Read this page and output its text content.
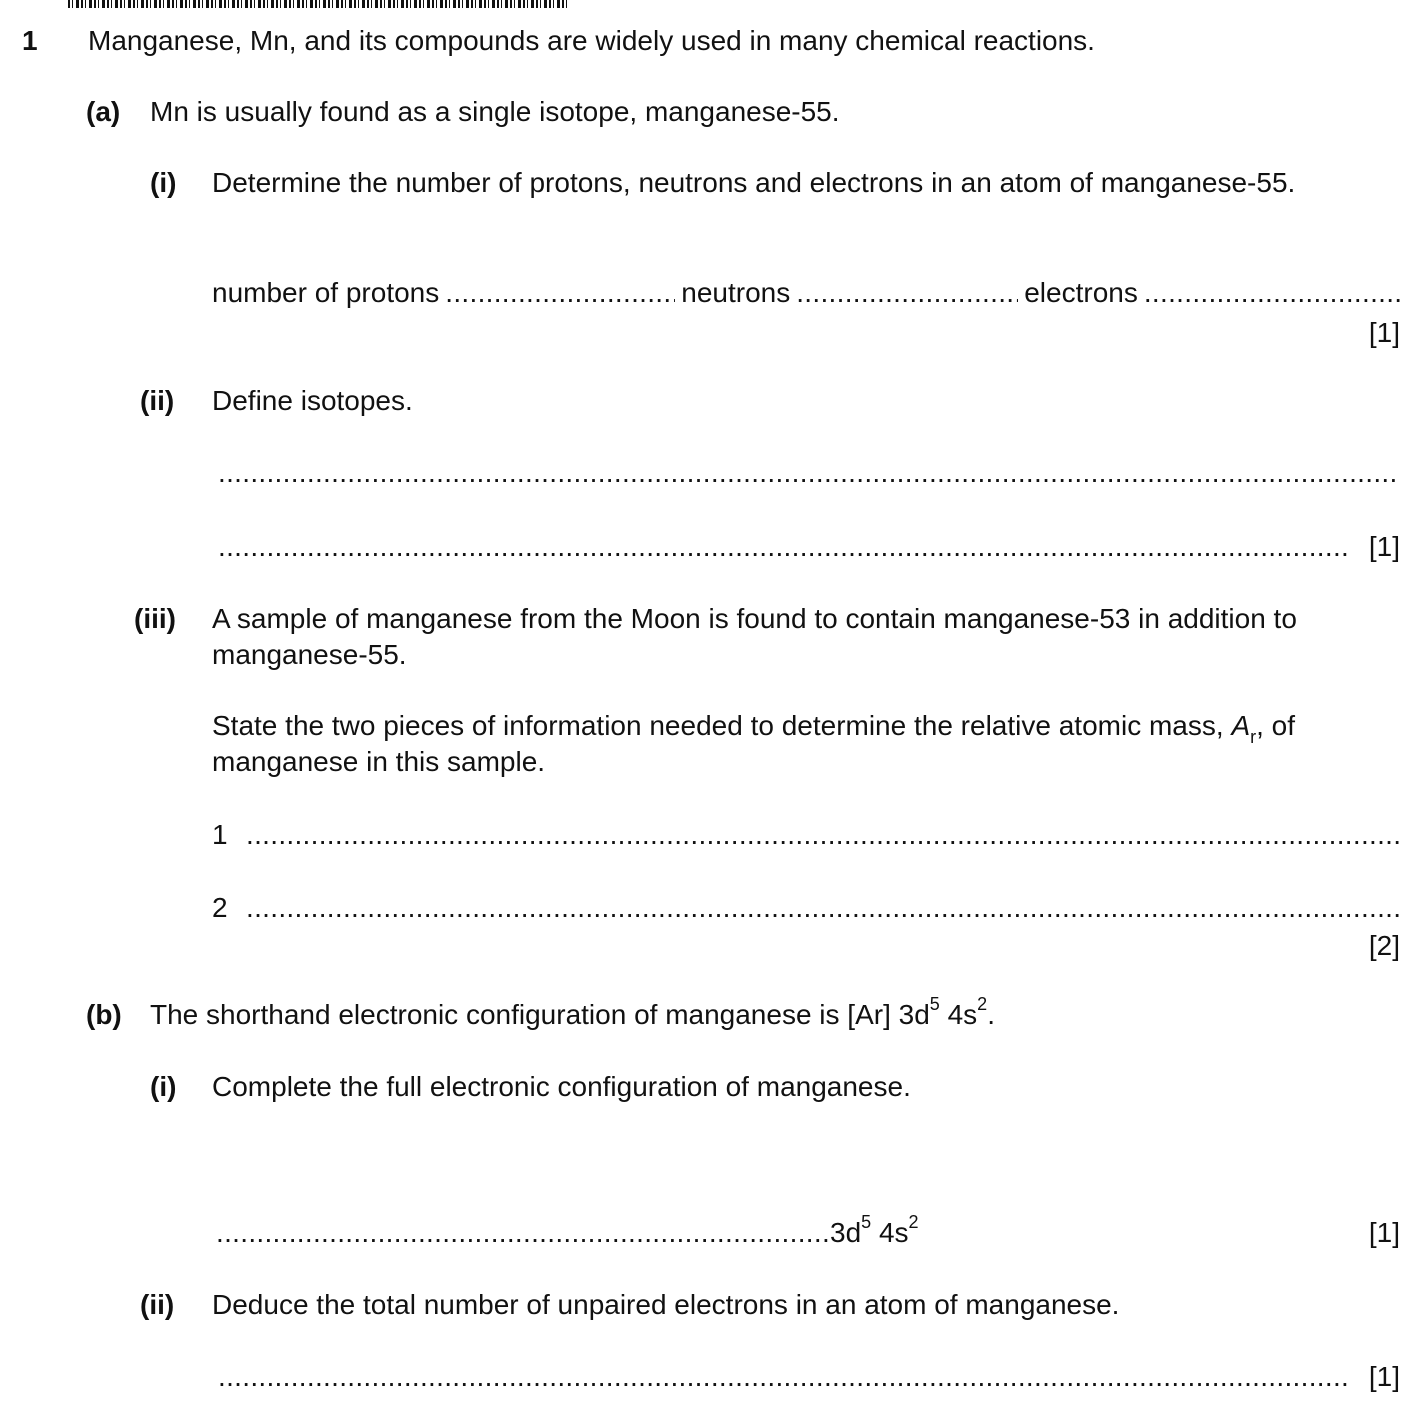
1 Manganese, Mn, and its compounds are widely used in many chemical reactions.
(a) Mn is usually found as a single isotope, manganese-55.
(i) Determine the number of protons, neutrons and electrons in an atom of manganese-55.
number of protons .....	neutrons .....	electrons
.....
[1]
(ii) Define isotopes.
.....
.....
[1]
(iii) A sample of manganese from the Moon is found to contain manganese-53 in addition to
manganese-55.
State the two pieces of information needed to determine the relative atomic mass, $A_r$, of
manganese in this sample.
1
.....
2
.....
[2]
(b) The shorthand electronic configuration of manganese is [Ar] $3d^5$ $4s^2$.
(i) Complete the full electronic configuration of manganese.
.....
$3d^5$ $4s^2$	[1]
(ii) Deduce the total number of unpaired electrons in an atom of manganese.
.....
[1]
